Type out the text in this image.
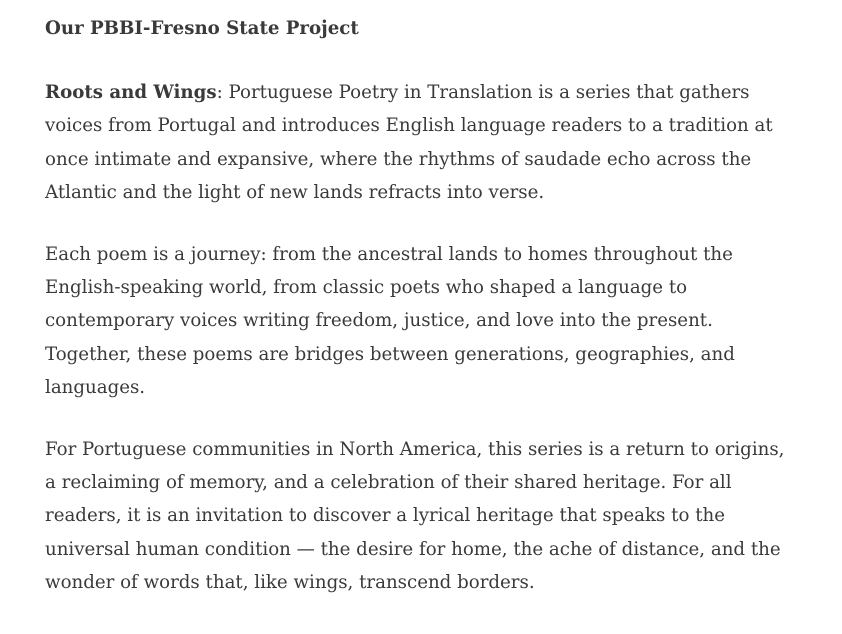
Our PBBI-Fresno State Project

Roots and Wings: Portuguese Poetry in Translation is a series that gathers voices from Portugal and introduces English language readers to a tradition at once intimate and expansive, where the rhythms of saudade echo across the Atlantic and the light of new lands refracts into verse.

Each poem is a journey: from the ancestral lands to homes throughout the English-speaking world, from classic poets who shaped a language to contemporary voices writing freedom, justice, and love into the present. Together, these poems are bridges between generations, geographies, and languages.

For Portuguese communities in North America, this series is a return to origins, a reclaiming of memory, and a celebration of their shared heritage. For all readers, it is an invitation to discover a lyrical heritage that speaks to the universal human condition — the desire for home, the ache of distance, and the wonder of words that, like wings, transcend borders.
